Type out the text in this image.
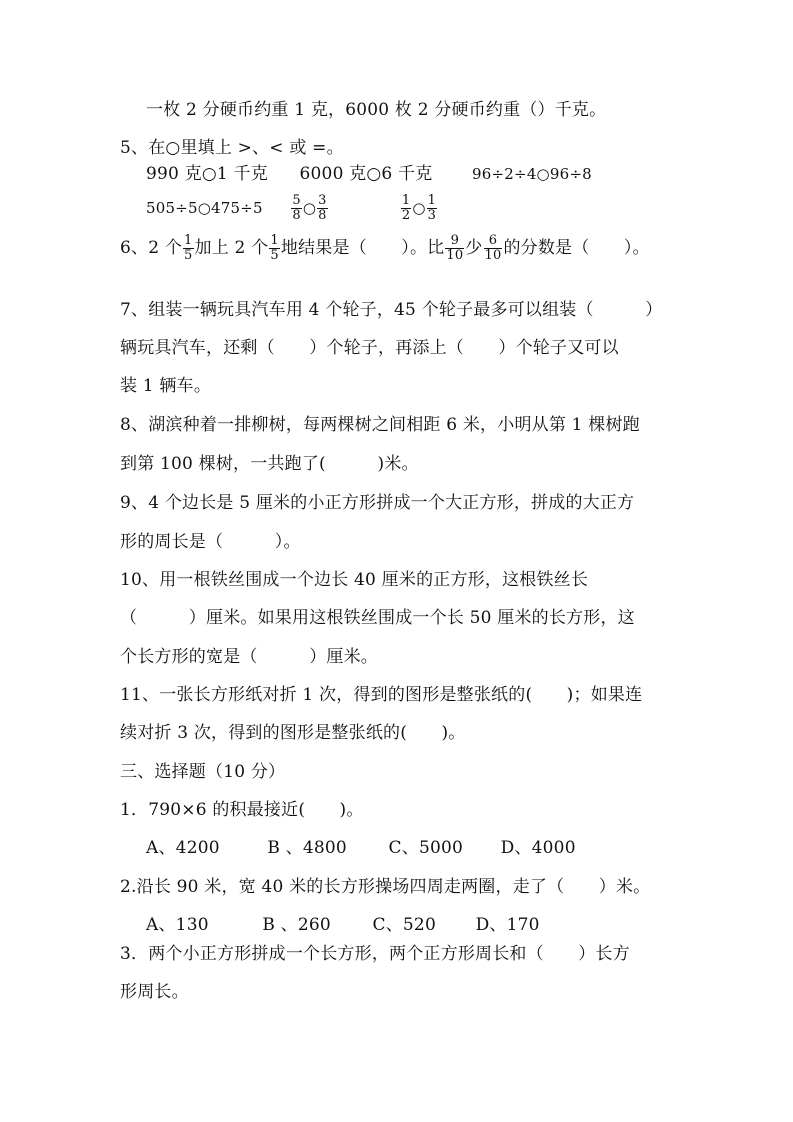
一枚 2 分硬币约重 1 克，6000 枚 2 分硬币约重（）千克。
5、在○里填上 >、< 或 =。
990 克○1 千克 6000 克○6 千克	96÷2÷4○96÷8
505÷5○475÷5 $\frac{5}{8}$ ○ $\frac{3}{8}$
	$\frac{1}{2}$ ○ $\frac{1}{3}$
6、2 个 $\frac{1}{5}$ 加上 2 个 $\frac{1}{5}$ 地结果是（　　）。比 $\frac{9}{10}$ 少 $\frac{6}{10}$ 的分数是（　　）。
7、组装一辆玩具汽车用 4 个轮子，45 个轮子最多可以组装（　　　）
辆玩具汽车，还剩（　　）个轮子，再添上（　　）个轮子又可以
装 1 辆车。
8、湖滨种着一排柳树，每两棵树之间相距 6 米，小明从第 1 棵树跑
到第 100 棵树，一共跑了(　　　)米。
9、4 个边长是 5 厘米的小正方形拼成一个大正方形，拼成的大正方
形的周长是（　　　）。
10、用一根铁丝围成一个边长 40 厘米的正方形，这根铁丝长
（　　　）厘米。如果用这根铁丝围成一个长 50 厘米的长方形，这
个长方形的宽是（　　　）厘米。
11、一张长方形纸对折 1 次，得到的图形是整张纸的(　　)；如果连
续对折 3 次，得到的图形是整张纸的(　　)。
三、选择题（10 分）
1．790×6 的积最接近(　　)。
A、4200	B 、4800 C、5000 D、4000
2.沿长 90 米，宽 40 米的长方形操场四周走两圈，走了（　　）米。
A、130	B 、260 C、520 D、170
3．两个小正方形拼成一个长方形，两个正方形周长和（　　）长方
形周长。
